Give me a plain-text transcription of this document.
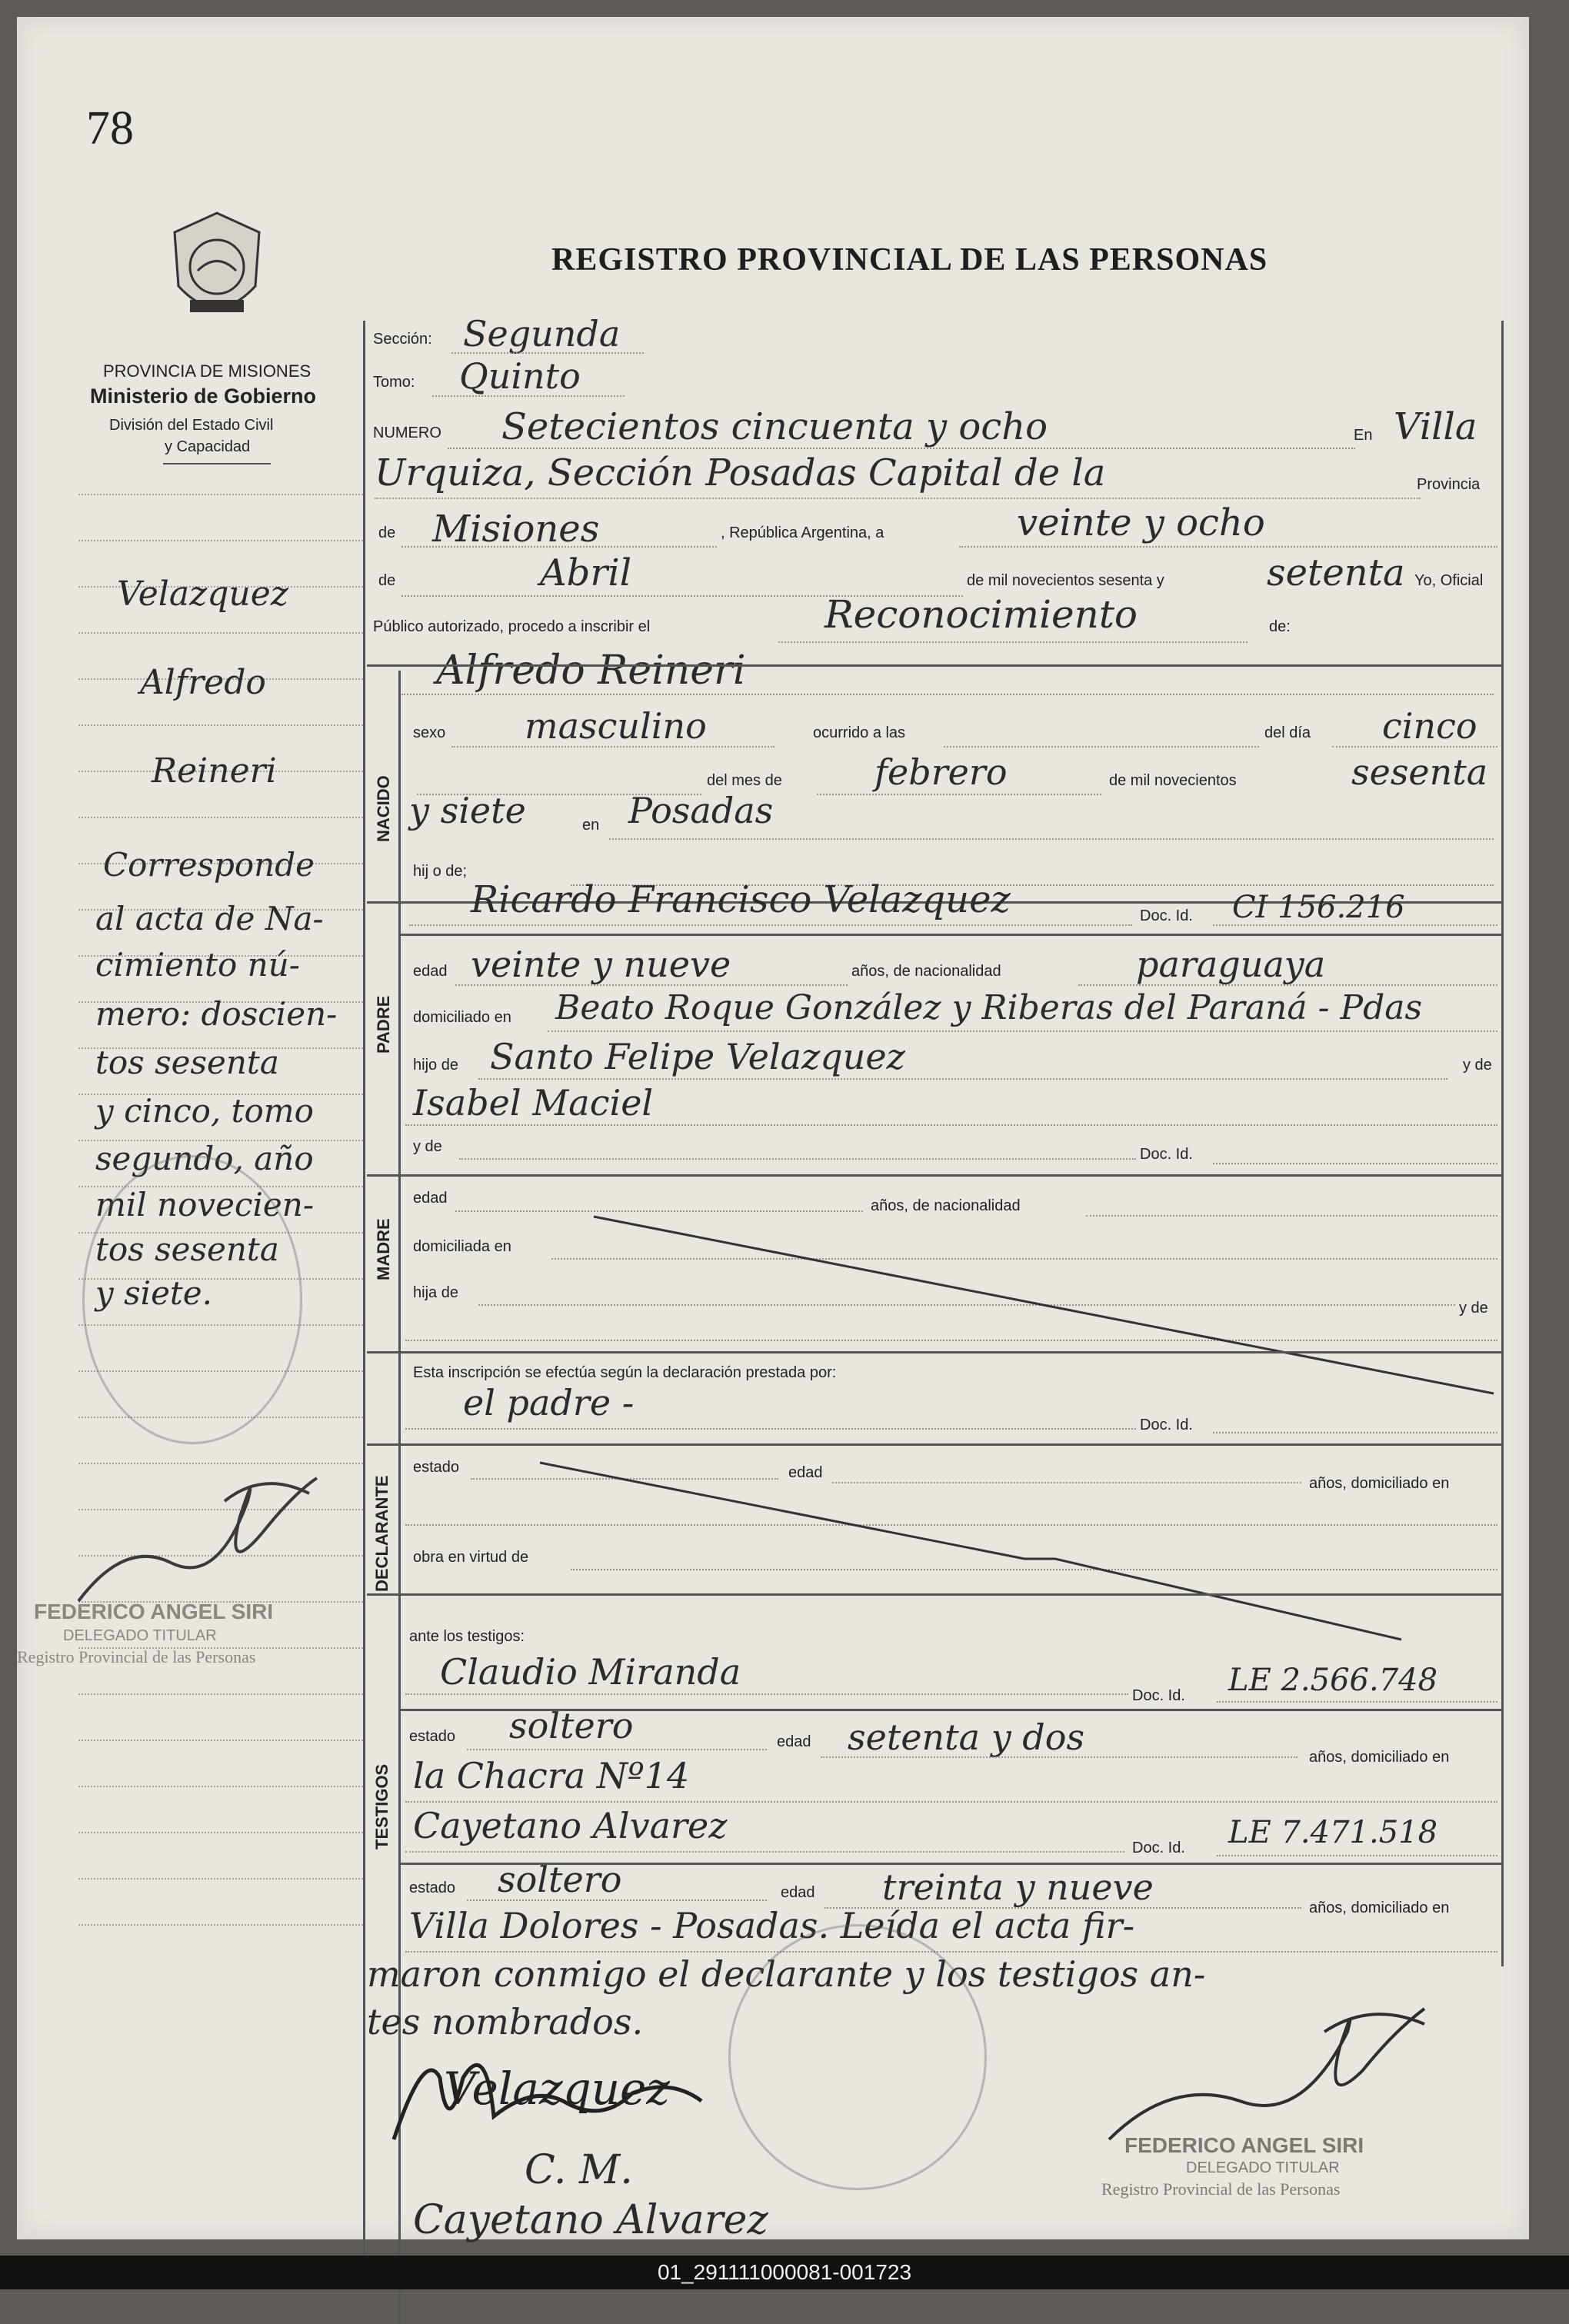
78
REGISTRO PROVINCIAL DE LAS PERSONAS
PROVINCIA DE MISIONES
Ministerio de Gobierno
División del Estado Civil
y Capacidad
Velazquez
Alfredo
Reineri
Corresponde
al acta de Na-
cimiento nú-
mero: doscien-
tos sesenta
y cinco, tomo
segundo, año
mil novecien-
tos sesenta
y siete.
FEDERICO ANGEL SIRI
DELEGADO TITULAR
Registro Provincial de las Personas
Sección: Segunda
Tomo: Quinto
NUMERO Setecientos cincuenta y ocho	En Villa
Urquiza, Sección Posadas Capital de la	Provincia
de Misiones	, República Argentina, a	veinte y ocho
de	Abril	de mil novecientos sesenta y	setenta Yo, Oficial
Público autorizado, procedo a inscribir el	Reconocimiento	de:
Alfredo Reineri
NACIDO
sexo masculino	ocurrido a las	del día cinco
del mes de	febrero	de mil novecientos	sesenta
y siete	en Posadas
hij o de;
PADRE
Ricardo Francisco Velazquez	Doc. Id. CI 156.216
edad veinte y nueve	años, de nacionalidad	paraguaya
domiciliado en Beato Roque González y Riberas del Paraná - Pdas
hijo de Santo Felipe Velazquez	y de
Isabel Maciel
y de	Doc. Id.
MADRE
edad	años, de nacionalidad
domiciliada en
hija de
y de
Esta inscripción se efectúa según la declaración prestada por:
el padre -
Doc. Id.
DECLARANTE
estado	edad
años, domiciliado en
obra en virtud de
TESTIGOS
ante los testigos:
Claudio Miranda
Doc. Id. LE 2.566.748
estado soltero	edad setenta y dos	años, domiciliado en
la Chacra Nº14
Cayetano Alvarez
Doc. Id. LE 7.471.518
estado soltero	edad treinta y nueve	años, domiciliado en
Villa Dolores - Posadas. Leída el acta fir-
maron conmigo el declarante y los testigos an-
tes nombrados.
Velazquez
C. M.
Cayetano Alvarez
FEDERICO ANGEL SIRI
DELEGADO TITULAR
Registro Provincial de las Personas
01_291111000081-001723
